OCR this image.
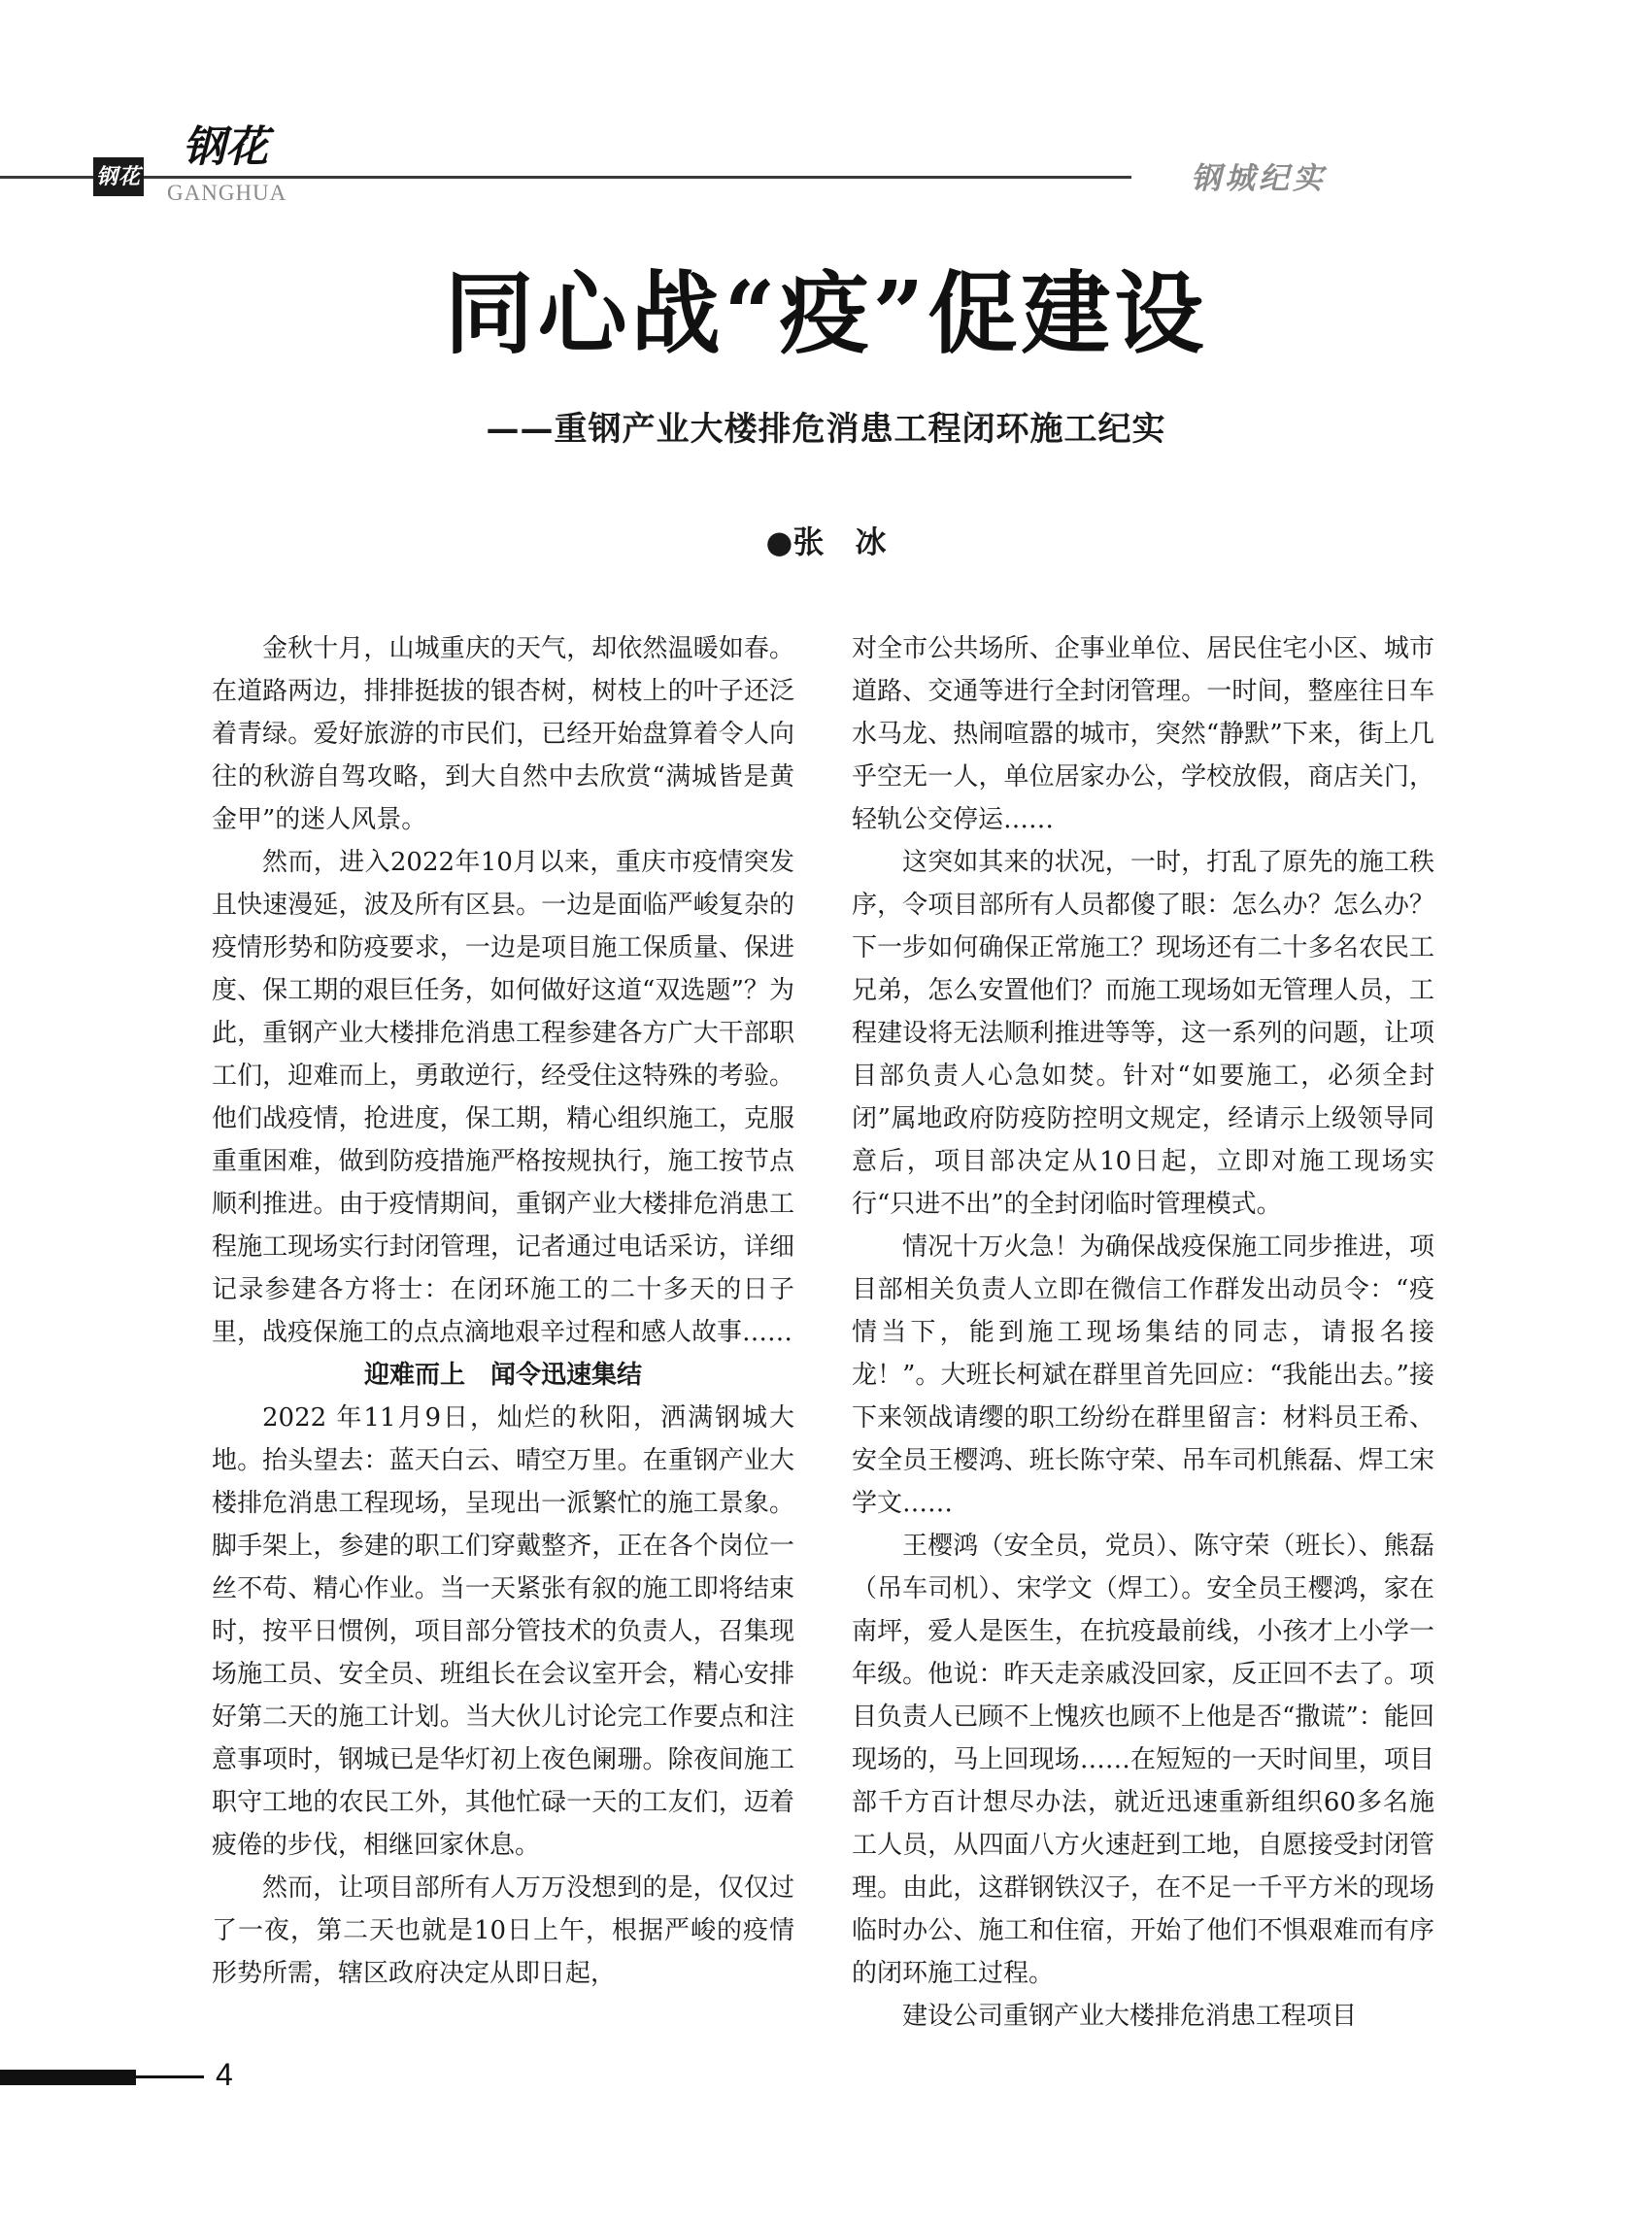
钢花
钢花
GANGHUA	钢城纪实
同心战“疫”促建设
——重钢产业大楼排危消患工程闭环施工纪实
●张　冰

金秋十月，山城重庆的天气，却依然温暖如春。在道路两边，排排挺拔的银杏树，树枝上的叶子还泛着青绿。爱好旅游的市民们，已经开始盘算着令人向往的秋游自驾攻略，到大自然中去欣赏“满城皆是黄金甲”的迷人风景。

然而，进入2022年10月以来，重庆市疫情突发且快速漫延，波及所有区县。一边是面临严峻复杂的疫情形势和防疫要求，一边是项目施工保质量、保进度、保工期的艰巨任务，如何做好这道“双选题”？为此，重钢产业大楼排危消患工程参建各方广大干部职工们，迎难而上，勇敢逆行，经受住这特殊的考验。他们战疫情，抢进度，保工期，精心组织施工，克服重重困难，做到防疫措施严格按规执行，施工按节点顺利推进。由于疫情期间，重钢产业大楼排危消患工程施工现场实行封闭管理，记者通过电话采访，详细记录参建各方将士：在闭环施工的二十多天的日子里，战疫保施工的点点滴地艰辛过程和感人故事……

迎难而上　闻令迅速集结

2022 年11月9日，灿烂的秋阳，洒满钢城大地。抬头望去：蓝天白云、晴空万里。在重钢产业大楼排危消患工程现场，呈现出一派繁忙的施工景象。脚手架上，参建的职工们穿戴整齐，正在各个岗位一丝不苟、精心作业。当一天紧张有叙的施工即将结束时，按平日惯例，项目部分管技术的负责人，召集现场施工员、安全员、班组长在会议室开会，精心安排好第二天的施工计划。当大伙儿讨论完工作要点和注意事项时，钢城已是华灯初上夜色阑珊。除夜间施工职守工地的农民工外，其他忙碌一天的工友们，迈着疲倦的步伐，相继回家休息。

然而，让项目部所有人万万没想到的是，仅仅过了一夜，第二天也就是10日上午，根据严峻的疫情形势所需，辖区政府决定从即日起，

对全市公共场所、企事业单位、居民住宅小区、城市道路、交通等进行全封闭管理。一时间，整座往日车水马龙、热闹喧嚣的城市，突然“静默”下来，街上几乎空无一人，单位居家办公，学校放假，商店关门，轻轨公交停运……

这突如其来的状况，一时，打乱了原先的施工秩序，令项目部所有人员都傻了眼：怎么办？怎么办？下一步如何确保正常施工？现场还有二十多名农民工兄弟，怎么安置他们？而施工现场如无管理人员，工程建设将无法顺利推进等等，这一系列的问题，让项目部负责人心急如焚。针对“如要施工，必须全封闭”属地政府防疫防控明文规定，经请示上级领导同意后，项目部决定从10日起，立即对施工现场实行“只进不出”的全封闭临时管理模式。

情况十万火急！为确保战疫保施工同步推进，项目部相关负责人立即在微信工作群发出动员令：“疫情当下，能到施工现场集结的同志，请报名接龙！”。大班长柯斌在群里首先回应：“我能出去。”接下来领战请缨的职工纷纷在群里留言：材料员王希、安全员王樱鸿、班长陈守荣、吊车司机熊磊、焊工宋学文……

王樱鸿（安全员，党员）、陈守荣（班长）、熊磊（吊车司机）、宋学文（焊工）。安全员王樱鸿，家在南坪，爱人是医生，在抗疫最前线，小孩才上小学一年级。他说：昨天走亲戚没回家，反正回不去了。项目负责人已顾不上愧疚也顾不上他是否“撒谎”：能回现场的，马上回现场……在短短的一天时间里，项目部千方百计想尽办法，就近迅速重新组织60多名施工人员，从四面八方火速赶到工地，自愿接受封闭管理。由此，这群钢铁汉子，在不足一千平方米的现场临时办公、施工和住宿，开始了他们不惧艰难而有序的闭环施工过程。

建设公司重钢产业大楼排危消患工程项目

4
